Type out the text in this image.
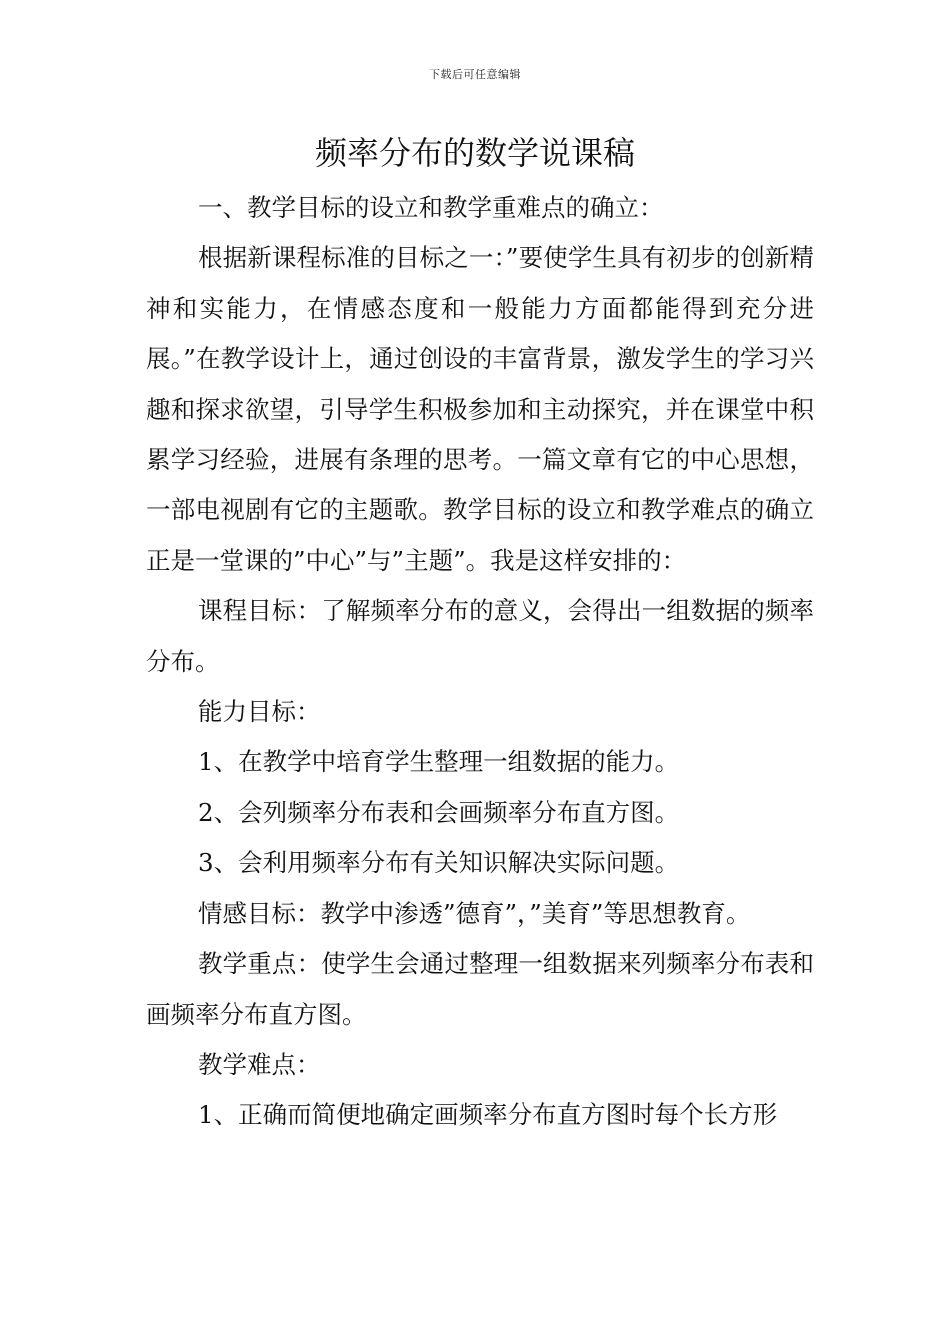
下载后可任意编辑
频率分布的数学说课稿

一、教学目标的设立和教学重难点的确立：

根据新课程标准的目标之一：”要使学生具有初步的创新精神和实能力，在情感态度和一般能力方面都能得到充分进展。”在教学设计上，通过创设的丰富背景，激发学生的学习兴趣和探求欲望，引导学生积极参加和主动探究，并在课堂中积累学习经验，进展有条理的思考。一篇文章有它的中心思想，一部电视剧有它的主题歌。教学目标的设立和教学难点的确立正是一堂课的”中心”与”主题”。我是这样安排的：

课程目标：了解频率分布的意义，会得出一组数据的频率分布。

能力目标：

1、在教学中培育学生整理一组数据的能力。

2、会列频率分布表和会画频率分布直方图。

3、会利用频率分布有关知识解决实际问题。

情感目标：教学中渗透”德育”，”美育”等思想教育。

教学重点：使学生会通过整理一组数据来列频率分布表和画频率分布直方图。

教学难点：

1、正确而简便地确定画频率分布直方图时每个长方形
